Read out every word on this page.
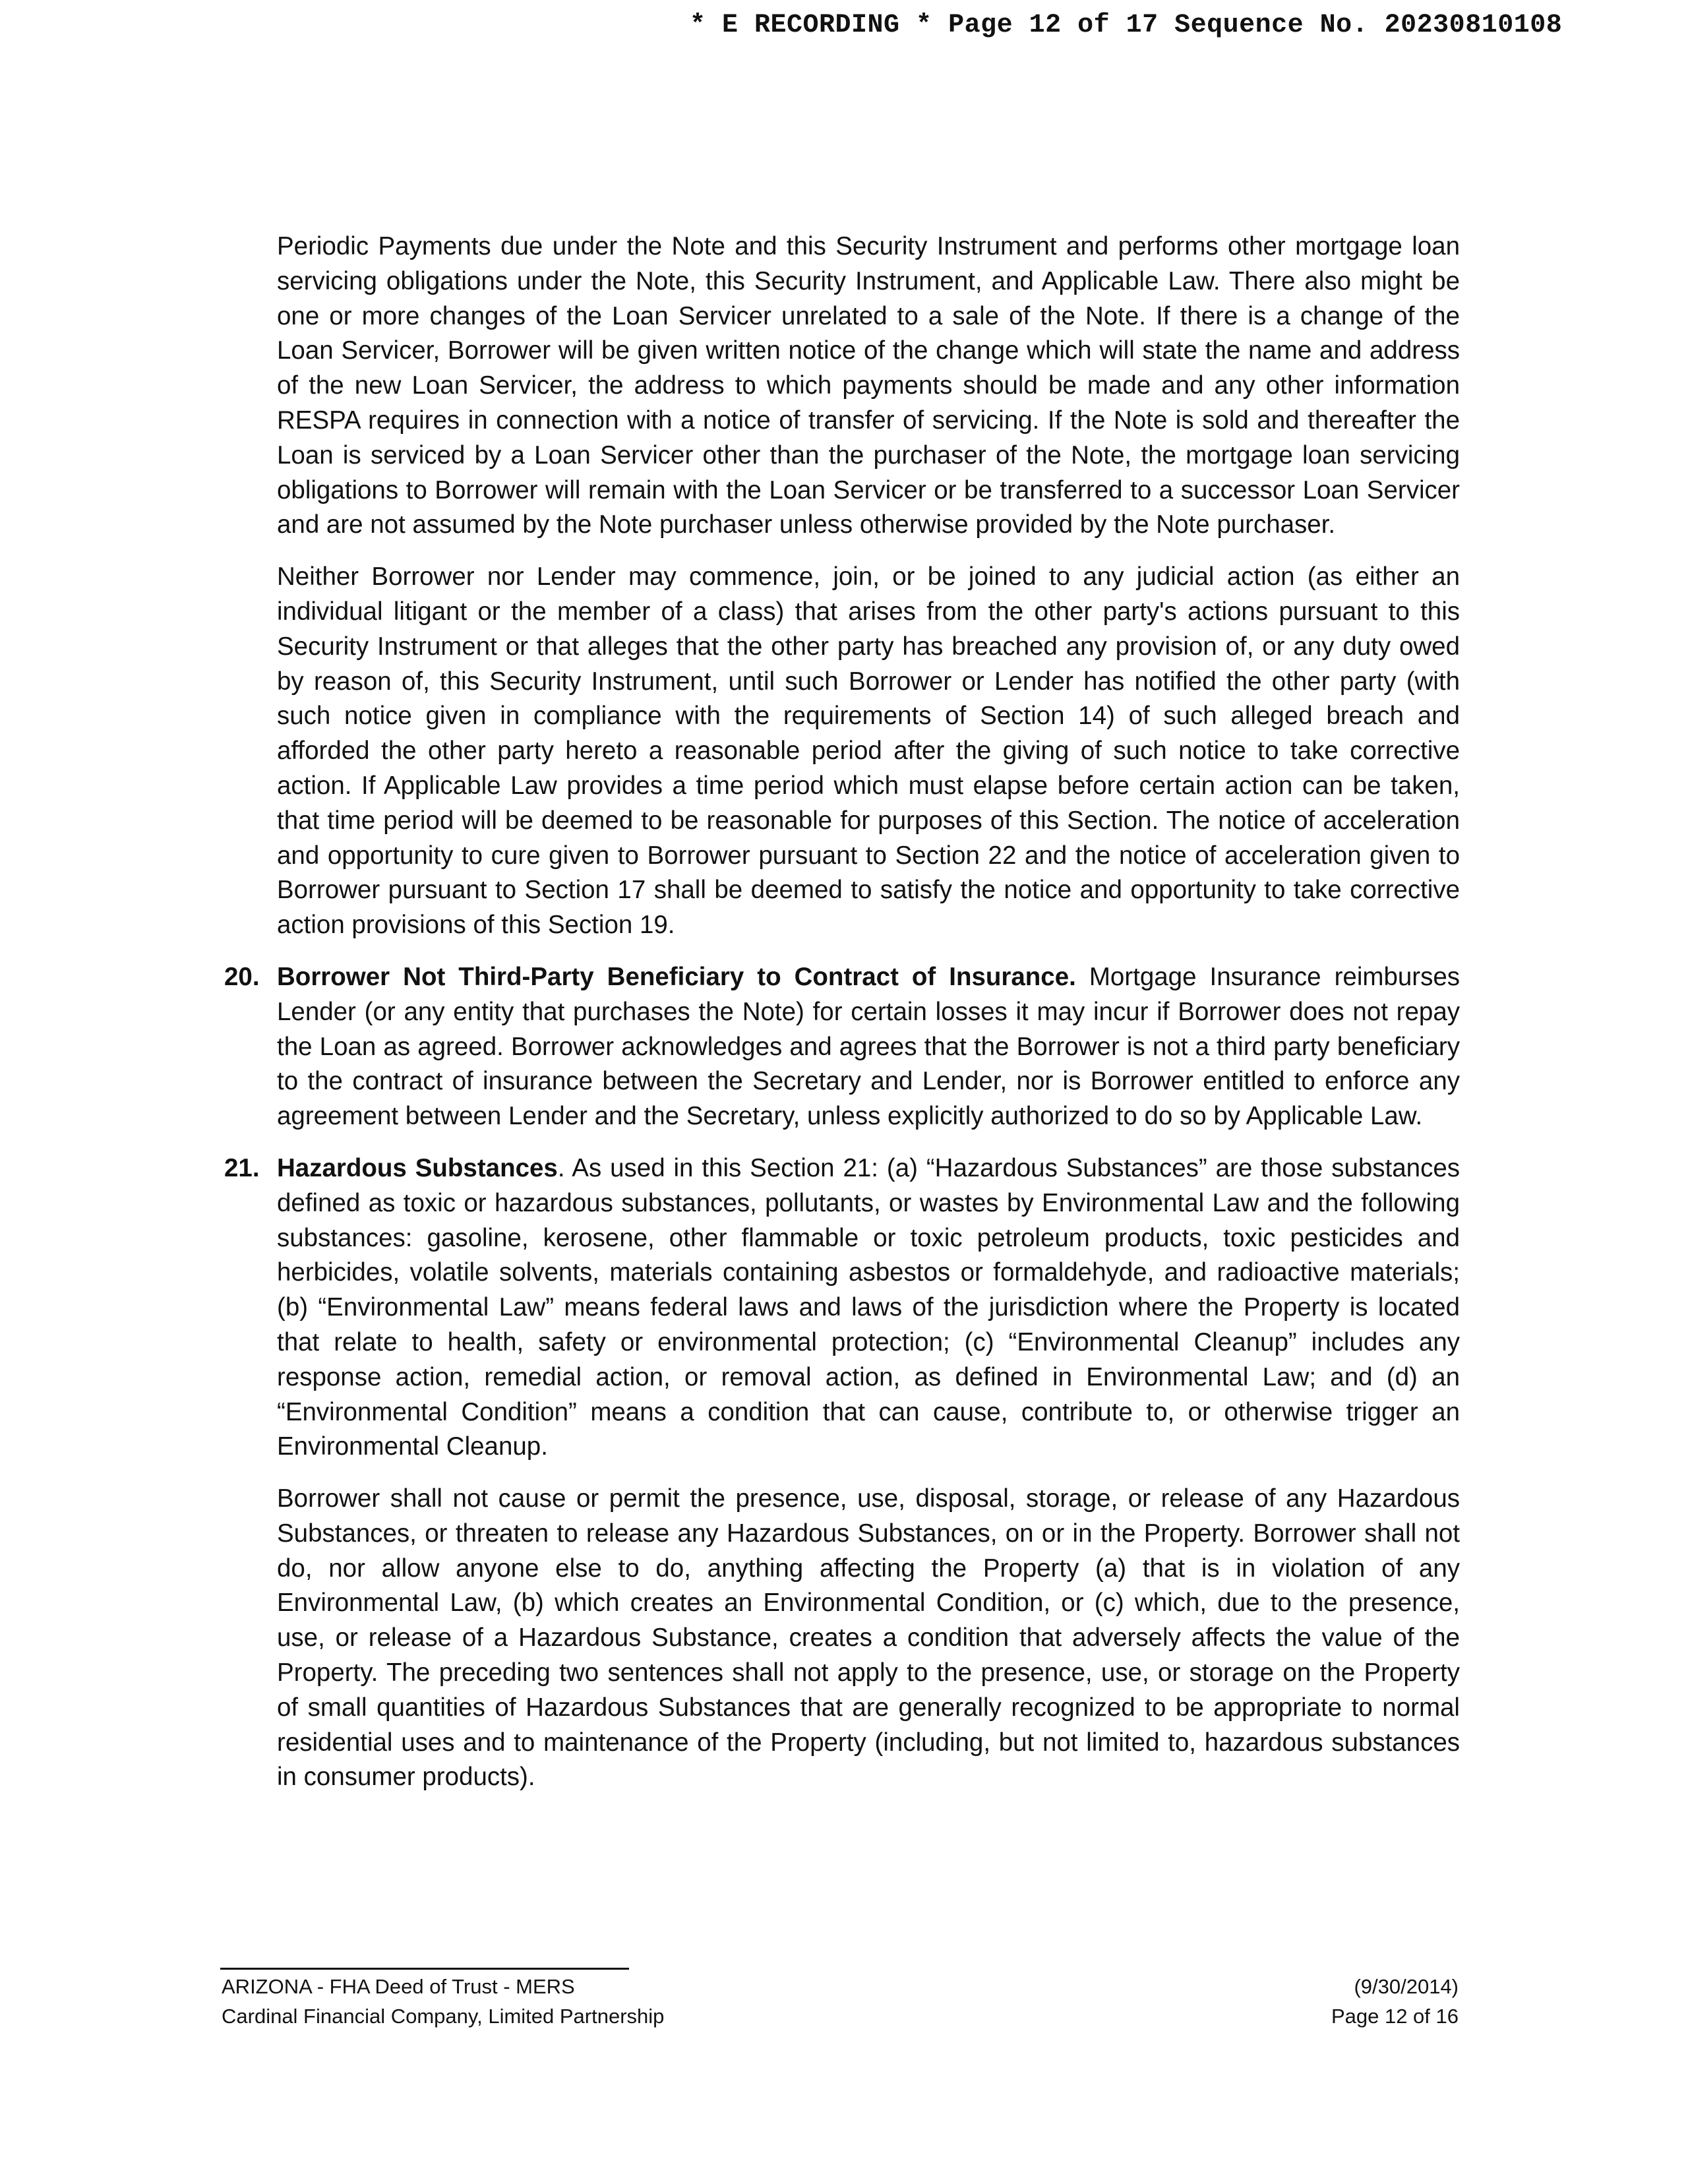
* E RECORDING * Page 12 of 17 Sequence No. 20230810108

Periodic Payments due under the Note and this Security Instrument and performs other mortgage loan servicing obligations under the Note, this Security Instrument, and Applicable Law. There also might be one or more changes of the Loan Servicer unrelated to a sale of the Note. If there is a change of the Loan Servicer, Borrower will be given written notice of the change which will state the name and address of the new Loan Servicer, the address to which payments should be made and any other information RESPA requires in connection with a notice of transfer of servicing. If the Note is sold and thereafter the Loan is serviced by a Loan Servicer other than the purchaser of the Note, the mortgage loan servicing obligations to Borrower will remain with the Loan Servicer or be transferred to a successor Loan Servicer and are not assumed by the Note purchaser unless otherwise provided by the Note purchaser.

Neither Borrower nor Lender may commence, join, or be joined to any judicial action (as either an individual litigant or the member of a class) that arises from the other party's actions pursuant to this Security Instrument or that alleges that the other party has breached any provision of, or any duty owed by reason of, this Security Instrument, until such Borrower or Lender has notified the other party (with such notice given in compliance with the requirements of Section 14) of such alleged breach and afforded the other party hereto a reasonable period after the giving of such notice to take corrective action. If Applicable Law provides a time period which must elapse before certain action can be taken, that time period will be deemed to be reasonable for purposes of this Section. The notice of acceleration and opportunity to cure given to Borrower pursuant to Section 22 and the notice of acceleration given to Borrower pursuant to Section 17 shall be deemed to satisfy the notice and opportunity to take corrective action provisions of this Section 19.

20. Borrower Not Third-Party Beneficiary to Contract of Insurance. Mortgage Insurance reimburses Lender (or any entity that purchases the Note) for certain losses it may incur if Borrower does not repay the Loan as agreed. Borrower acknowledges and agrees that the Borrower is not a third party beneficiary to the contract of insurance between the Secretary and Lender, nor is Borrower entitled to enforce any agreement between Lender and the Secretary, unless explicitly authorized to do so by Applicable Law.
21. Hazardous Substances. As used in this Section 21: (a) “Hazardous Substances” are those substances defined as toxic or hazardous substances, pollutants, or wastes by Environmental Law and the following substances: gasoline, kerosene, other flammable or toxic petroleum products, toxic pesticides and herbicides, volatile solvents, materials containing asbestos or formaldehyde, and radioactive materials; (b) “Environmental Law” means federal laws and laws of the jurisdiction where the Property is located that relate to health, safety or environmental protection; (c) “Environmental Cleanup” includes any response action, remedial action, or removal action, as defined in Environmental Law; and (d) an “Environmental Condition” means a condition that can cause, contribute to, or otherwise trigger an Environmental Cleanup.
Borrower shall not cause or permit the presence, use, disposal, storage, or release of any Hazardous Substances, or threaten to release any Hazardous Substances, on or in the Property. Borrower shall not do, nor allow anyone else to do, anything affecting the Property (a) that is in violation of any Environmental Law, (b) which creates an Environmental Condition, or (c) which, due to the presence, use, or release of a Hazardous Substance, creates a condition that adversely affects the value of the Property. The preceding two sentences shall not apply to the presence, use, or storage on the Property of small quantities of Hazardous Substances that are generally recognized to be appropriate to normal residential uses and to maintenance of the Property (including, but not limited to, hazardous substances in consumer products).
ARIZONA - FHA Deed of Trust - MERS
Cardinal Financial Company, Limited Partnership
(9/30/2014)
Page 12 of 16
